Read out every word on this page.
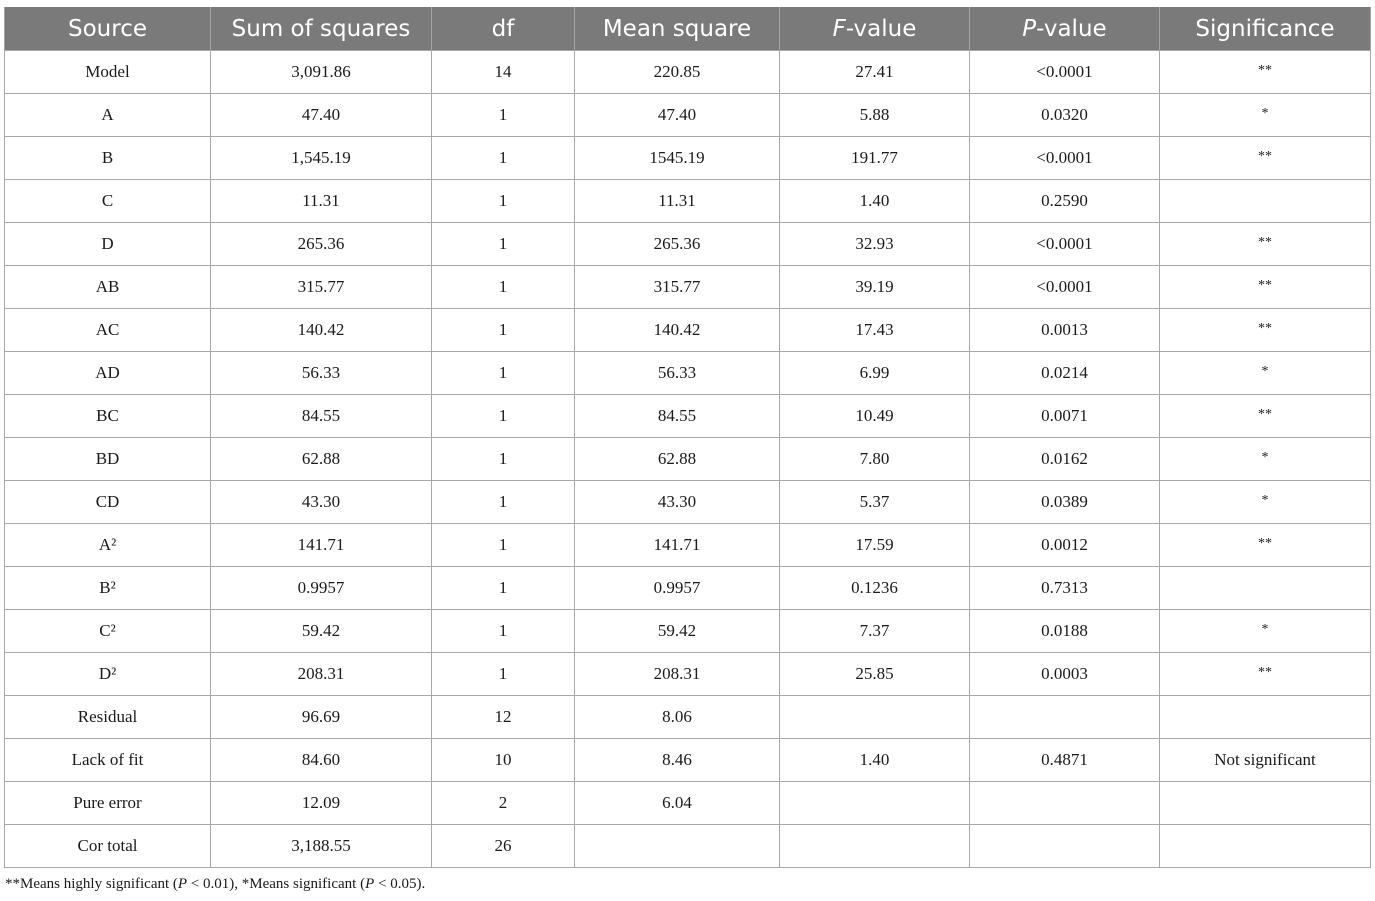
Source	Sum of squares	df	Mean square	F-value	P-value	Significance
Model	3,091.86	14	220.85	27.41	<0.0001	**
A	47.40	1	47.40	5.88	0.0320	*
B	1,545.19	1	1545.19	191.77	<0.0001	**
C	11.31	1	11.31	1.40	0.2590	
D	265.36	1	265.36	32.93	<0.0001	**
AB	315.77	1	315.77	39.19	<0.0001	**
AC	140.42	1	140.42	17.43	0.0013	**
AD	56.33	1	56.33	6.99	0.0214	*
BC	84.55	1	84.55	10.49	0.0071	**
BD	62.88	1	62.88	7.80	0.0162	*
CD	43.30	1	43.30	5.37	0.0389	*
A²	141.71	1	141.71	17.59	0.0012	**
B²	0.9957	1	0.9957	0.1236	0.7313	
C²	59.42	1	59.42	7.37	0.0188	*
D²	208.31	1	208.31	25.85	0.0003	**
Residual	96.69	12	8.06			
Lack of fit	84.60	10	8.46	1.40	0.4871	Not significant
Pure error	12.09	2	6.04			
Cor total	3,188.55	26				
**Means highly significant (P < 0.01), *Means significant (P < 0.05).
